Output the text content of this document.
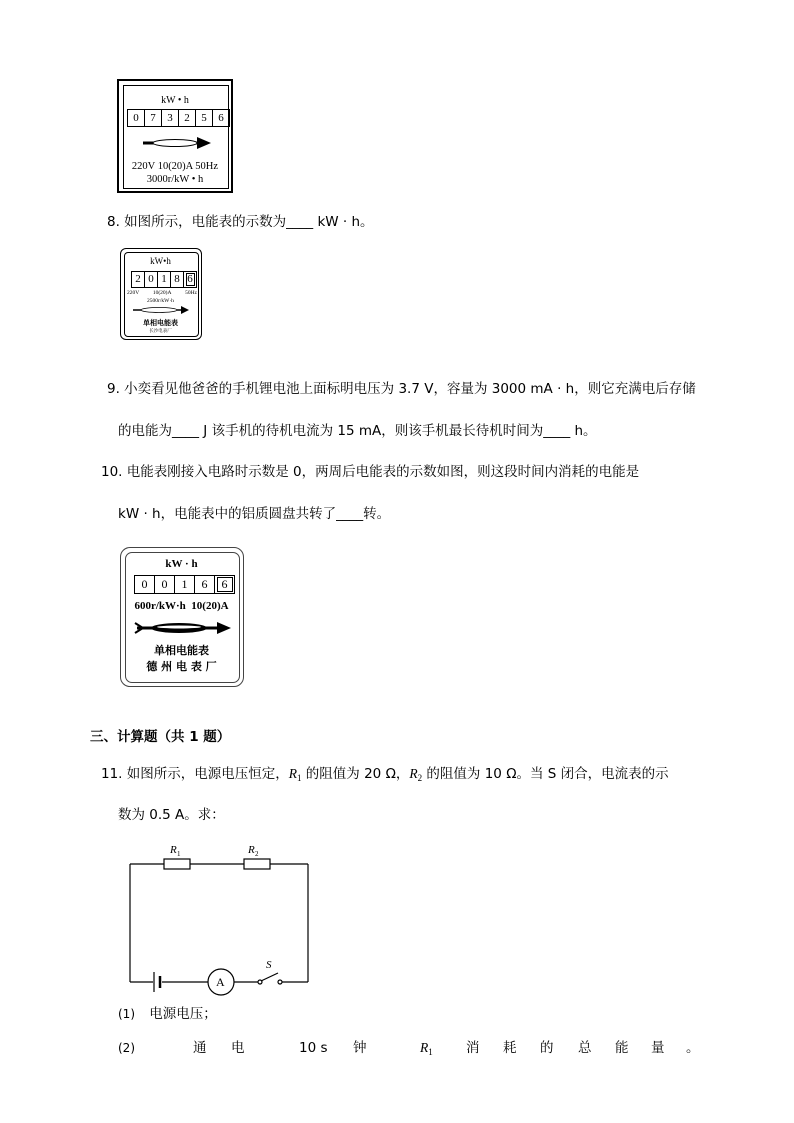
kW • h
0	7	3	2	5	6
220V 10(20)A 50Hz
3000r/kW • h
8. 如图所示，电能表的示数为____ kW · h。
kW•h
2 0 1 8 6
220V 10(20)A 50Hz
2500r/kW·h
单相电能表
长沙电表厂
9. 小奕看见他爸爸的手机锂电池上面标明电压为 3.7 V，容量为 3000 mA · h，则它充满电后存储
的电能为____ J 该手机的待机电流为 15 mA，则该手机最长待机时间为____ h。
10. 电能表刚接入电路时示数是 0，两周后电能表的示数如图，则这段时间内消耗的电能是
kW · h，电能表中的铝质圆盘共转了____转。
kW · h
0	0	1	6	6
600r/kW·h  10(20)A
单相电能表
德 州 电 表 厂
三、计算题（共 1 题）
11. 如图所示，电源电压恒定，$R_1$ 的阻值为 20 Ω，$R_2$ 的阻值为 10 Ω。当 S 闭合，电流表的示
数为 0.5 A。求：
R 1	R 2
A
S
(1) 电源电压；
(2)	通 电	10 s 钟	$R_1$ 消 耗 的 总 能 量 。
